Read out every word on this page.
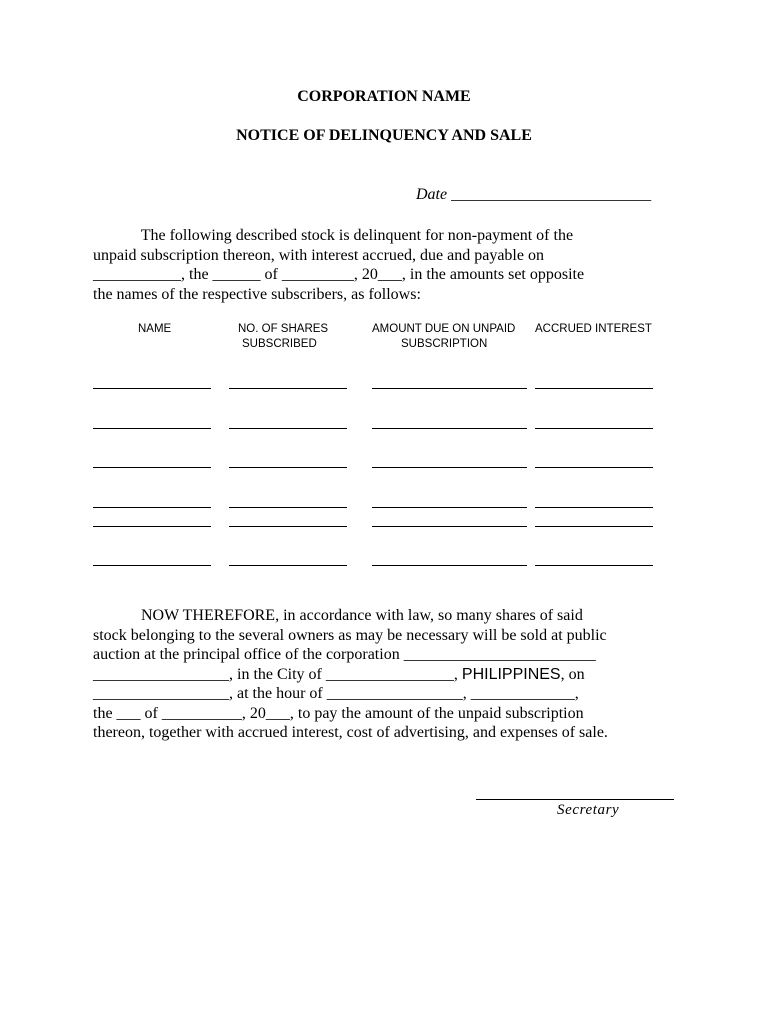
CORPORATION NAME
NOTICE OF DELINQUENCY AND SALE
Date _________________________
The following described stock is delinquent for non-payment of the
unpaid subscription thereon, with interest accrued, due and payable on
___________, the ______ of _________, 20___, in the amounts set opposite
the names of the respective subscribers, as follows:
NAME	NO. OF SHARES
SUBSCRIBED
AMOUNT DUE ON UNPAID
SUBSCRIPTION
ACCRUED INTEREST
NOW THEREFORE, in accordance with law, so many shares of said
stock belonging to the several owners as may be necessary will be sold at public
auction at the principal office of the corporation ________________________
_________________, in the City of ________________, PHILIPPINES, on
_________________, at the hour of _________________, _____________,
the ___ of __________, 20___, to pay the amount of the unpaid subscription
thereon, together with accrued interest, cost of advertising, and expenses of sale.
Secretary
